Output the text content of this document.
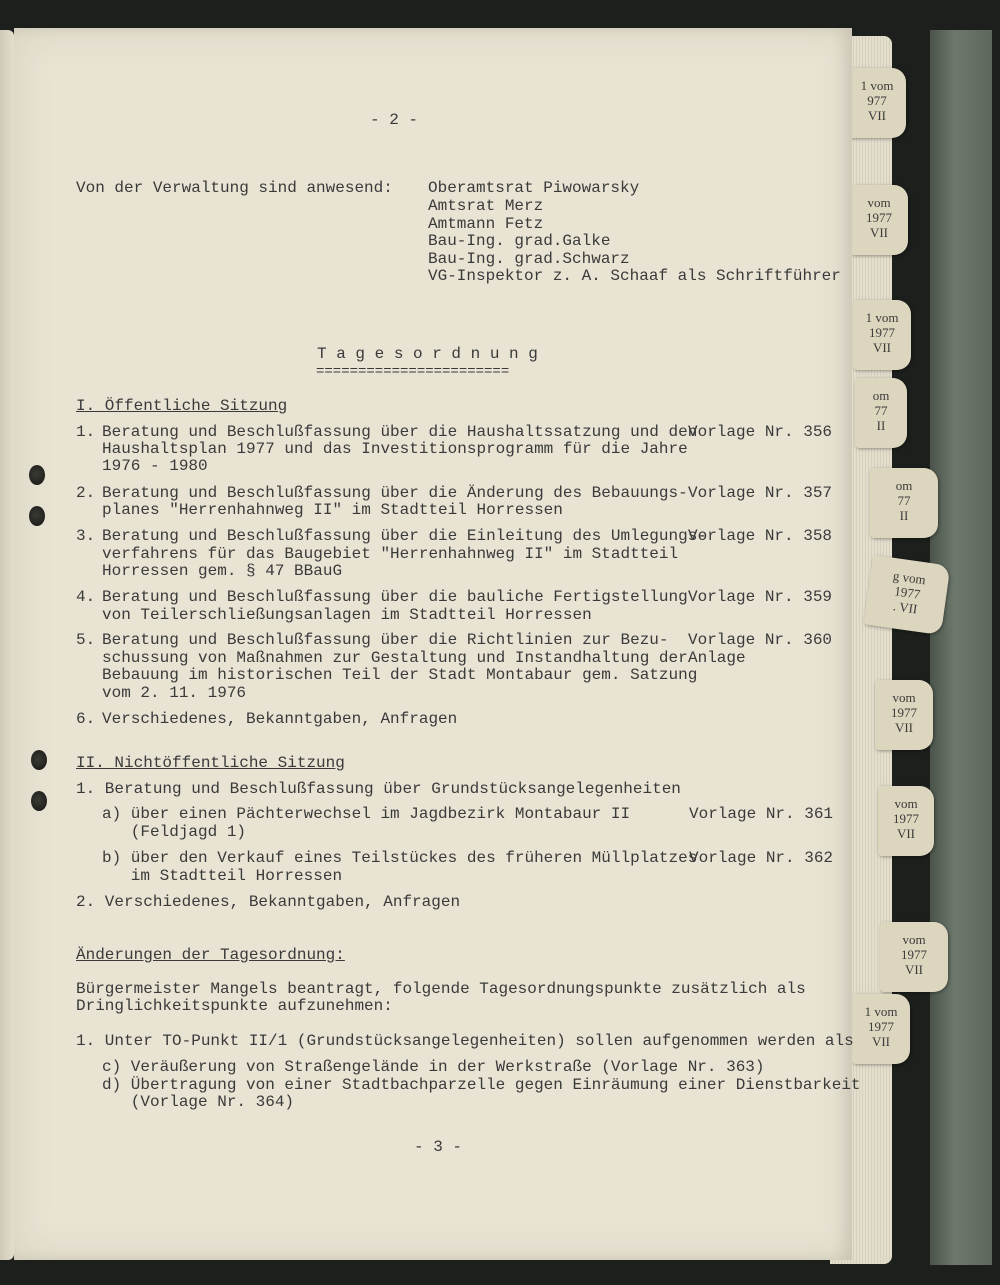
1 vom
977
VII
vom
1977
VII
1 vom
1977
VII
om
77
II
om
77
II
g vom
1977
. VII
vom
1977
VII
vom
1977
VII
vom
1977
VII
1 vom
1977
VII
- 2 -
Von der Verwaltung sind anwesend: Oberamtsrat Piwowarsky
Amtsrat Merz
Amtmann Fetz
Bau-Ing. grad.Galke
Bau-Ing. grad.Schwarz
VG-Inspektor z. A. Schaaf als Schriftführer
T a g e s o r d n u n g
=======================
I. Öffentliche Sitzung
1. Beratung und Beschlußfassung über die Haushaltssatzung und den
Haushaltsplan 1977 und das Investitionsprogramm für die Jahre
1976 - 1980
Vorlage Nr. 356
2. Beratung und Beschlußfassung über die Änderung des Bebauungs-
planes "Herrenhahnweg II" im Stadtteil Horressen
Vorlage Nr. 357
3. Beratung und Beschlußfassung über die Einleitung des Umlegungs-
verfahrens für das Baugebiet "Herrenhahnweg II" im Stadtteil
Horressen gem. § 47 BBauG
Vorlage Nr. 358
4. Beratung und Beschlußfassung über die bauliche Fertigstellung
von Teilerschließungsanlagen im Stadtteil Horressen
Vorlage Nr. 359
5. Beratung und Beschlußfassung über die Richtlinien zur Bezu-
schussung von Maßnahmen zur Gestaltung und Instandhaltung der
Bebauung im historischen Teil der Stadt Montabaur gem. Satzung
vom 2. 11. 1976
Vorlage Nr. 360
Anlage
6. Verschiedenes, Bekanntgaben, Anfragen
II. Nichtöffentliche Sitzung
1. Beratung und Beschlußfassung über Grundstücksangelegenheiten
a) über einen Pächterwechsel im Jagdbezirk Montabaur II
(Feldjagd 1)
Vorlage Nr. 361
b) über den Verkauf eines Teilstückes des früheren Müllplatzes
im Stadtteil Horressen
Vorlage Nr. 362
2. Verschiedenes, Bekanntgaben, Anfragen
Änderungen der Tagesordnung:
Bürgermeister Mangels beantragt, folgende Tagesordnungspunkte zusätzlich als
Dringlichkeitspunkte aufzunehmen:
1. Unter TO-Punkt II/1 (Grundstücksangelegenheiten) sollen aufgenommen werden als
c) Veräußerung von Straßengelände in der Werkstraße (Vorlage Nr. 363)
d) Übertragung von einer Stadtbachparzelle gegen Einräumung einer Dienstbarkeit
(Vorlage Nr. 364)
- 3 -
